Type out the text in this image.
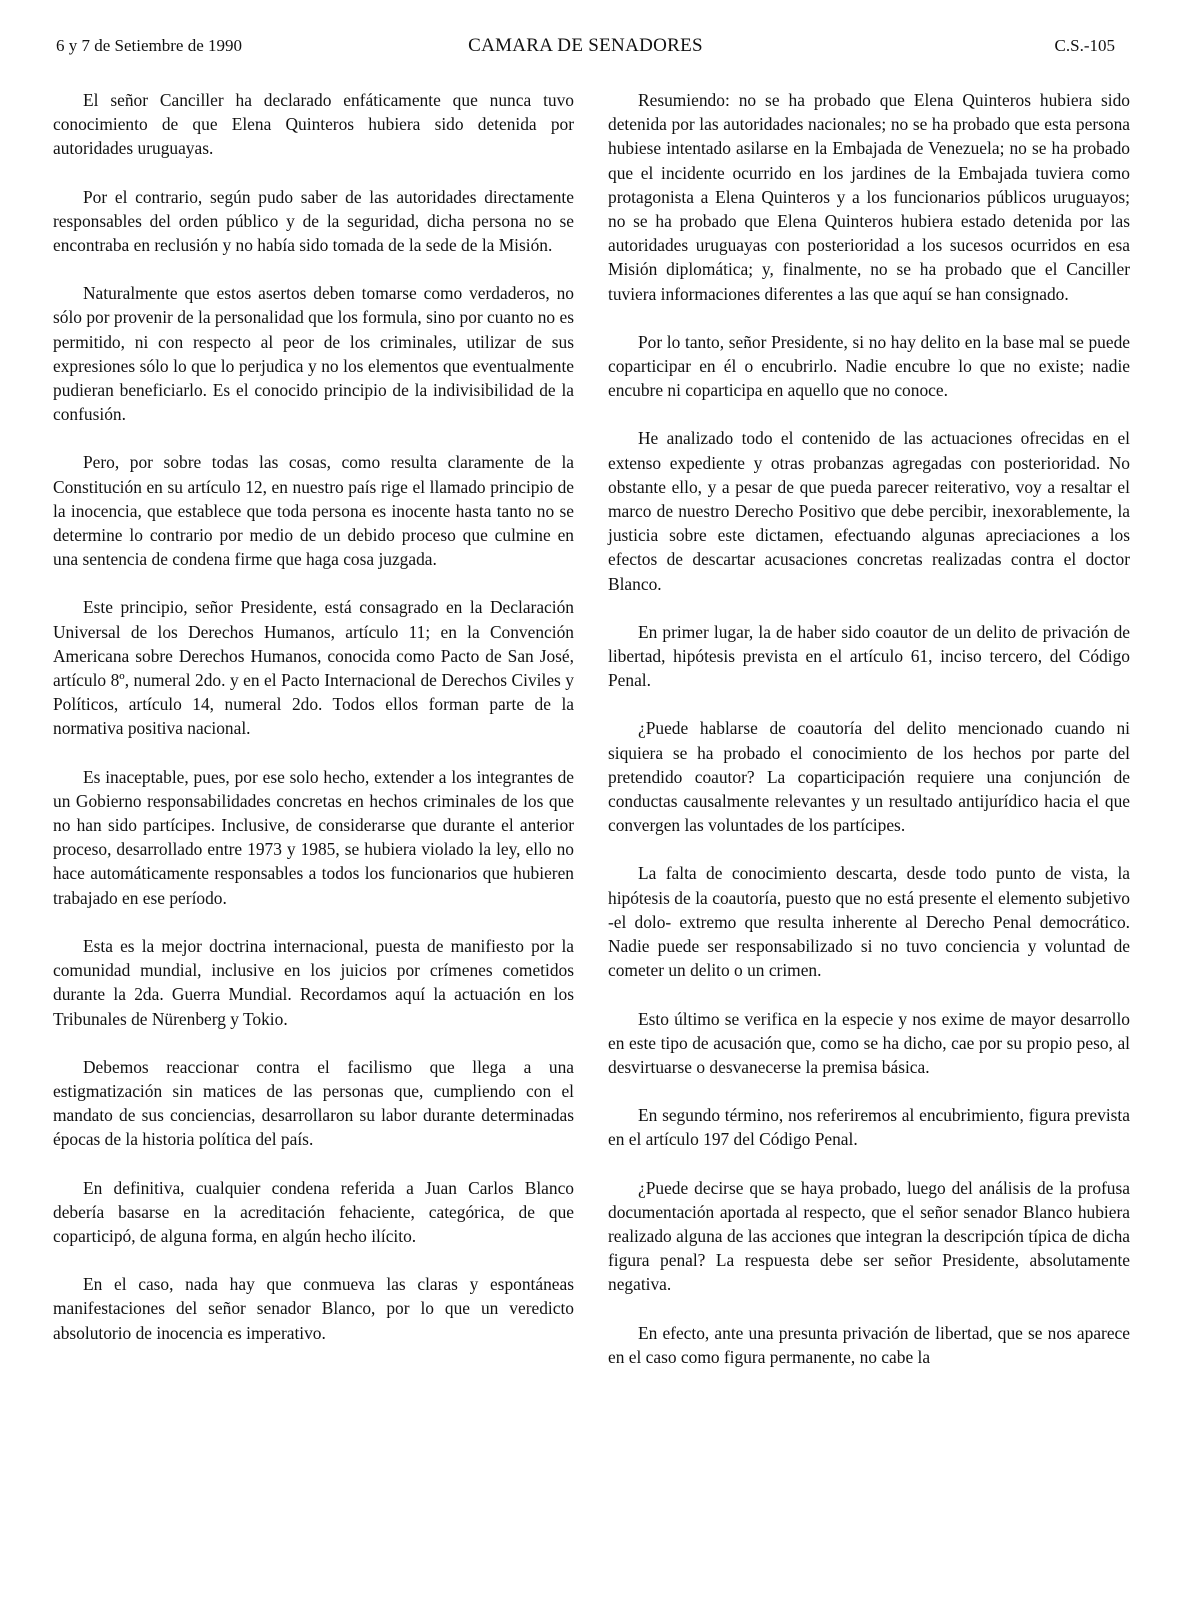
6 y 7 de Setiembre de 1990	CAMARA DE SENADORES	C.S.-105

El señor Canciller ha declarado enfáticamente que nunca tuvo conocimiento de que Elena Quinteros hubiera sido detenida por autoridades uruguayas.

Por el contrario, según pudo saber de las autoridades directamente responsables del orden público y de la seguridad, dicha persona no se encontraba en reclusión y no había sido tomada de la sede de la Misión.

Naturalmente que estos asertos deben tomarse como verdaderos, no sólo por provenir de la personalidad que los formula, sino por cuanto no es permitido, ni con respecto al peor de los criminales, utilizar de sus expresiones sólo lo que lo perjudica y no los elementos que eventualmente pudieran beneficiarlo. Es el conocido principio de la indivisibilidad de la confusión.

Pero, por sobre todas las cosas, como resulta claramente de la Constitución en su artículo 12, en nuestro país rige el llamado principio de la inocencia, que establece que toda persona es inocente hasta tanto no se determine lo contrario por medio de un debido proceso que culmine en una sentencia de condena firme que haga cosa juzgada.

Este principio, señor Presidente, está consagrado en la Declaración Universal de los Derechos Humanos, artículo 11; en la Convención Americana sobre Derechos Humanos, conocida como Pacto de San José, artículo 8º, numeral 2do. y en el Pacto Internacional de Derechos Civiles y Políticos, artículo 14, numeral 2do. Todos ellos forman parte de la normativa positiva nacional.

Es inaceptable, pues, por ese solo hecho, extender a los integrantes de un Gobierno responsabilidades concretas en hechos criminales de los que no han sido partícipes. Inclusive, de considerarse que durante el anterior proceso, desarrollado entre 1973 y 1985, se hubiera violado la ley, ello no hace automáticamente responsables a todos los funcionarios que hubieren trabajado en ese período.

Esta es la mejor doctrina internacional, puesta de manifiesto por la comunidad mundial, inclusive en los juicios por crímenes cometidos durante la 2da. Guerra Mundial. Recordamos aquí la actuación en los Tribunales de Nürenberg y Tokio.

Debemos reaccionar contra el facilismo que llega a una estigmatización sin matices de las personas que, cumpliendo con el mandato de sus conciencias, desarrollaron su labor durante determinadas épocas de la historia política del país.

En definitiva, cualquier condena referida a Juan Carlos Blanco debería basarse en la acreditación fehaciente, categórica, de que coparticipó, de alguna forma, en algún hecho ilícito.

En el caso, nada hay que conmueva las claras y espontáneas manifestaciones del señor senador Blanco, por lo que un veredicto absolutorio de inocencia es imperativo.

Resumiendo: no se ha probado que Elena Quinteros hubiera sido detenida por las autoridades nacionales; no se ha probado que esta persona hubiese intentado asilarse en la Embajada de Venezuela; no se ha probado que el incidente ocurrido en los jardines de la Embajada tuviera como protagonista a Elena Quinteros y a los funcionarios públicos uruguayos; no se ha probado que Elena Quinteros hubiera estado detenida por las autoridades uruguayas con posterioridad a los sucesos ocurridos en esa Misión diplomática; y, finalmente, no se ha probado que el Canciller tuviera informaciones diferentes a las que aquí se han consignado.

Por lo tanto, señor Presidente, si no hay delito en la base mal se puede coparticipar en él o encubrirlo. Nadie encubre lo que no existe; nadie encubre ni coparticipa en aquello que no conoce.

He analizado todo el contenido de las actuaciones ofrecidas en el extenso expediente y otras probanzas agregadas con posterioridad. No obstante ello, y a pesar de que pueda parecer reiterativo, voy a resaltar el marco de nuestro Derecho Positivo que debe percibir, inexorablemente, la justicia sobre este dictamen, efectuando algunas apreciaciones a los efectos de descartar acusaciones concretas realizadas contra el doctor Blanco.

En primer lugar, la de haber sido coautor de un delito de privación de libertad, hipótesis prevista en el artículo 61, inciso tercero, del Código Penal.

¿Puede hablarse de coautoría del delito mencionado cuando ni siquiera se ha probado el conocimiento de los hechos por parte del pretendido coautor? La coparticipación requiere una conjunción de conductas causalmente relevantes y un resultado antijurídico hacia el que convergen las voluntades de los partícipes.

La falta de conocimiento descarta, desde todo punto de vista, la hipótesis de la coautoría, puesto que no está presente el elemento subjetivo -el dolo- extremo que resulta inherente al Derecho Penal democrático. Nadie puede ser responsabilizado si no tuvo conciencia y voluntad de cometer un delito o un crimen.

Esto último se verifica en la especie y nos exime de mayor desarrollo en este tipo de acusación que, como se ha dicho, cae por su propio peso, al desvirtuarse o desvanecerse la premisa básica.

En segundo término, nos referiremos al encubrimiento, figura prevista en el artículo 197 del Código Penal.

¿Puede decirse que se haya probado, luego del análisis de la profusa documentación aportada al respecto, que el señor senador Blanco hubiera realizado alguna de las acciones que integran la descripción típica de dicha figura penal? La respuesta debe ser señor Presidente, absolutamente negativa.

En efecto, ante una presunta privación de libertad, que se nos aparece en el caso como figura permanente, no cabe la
